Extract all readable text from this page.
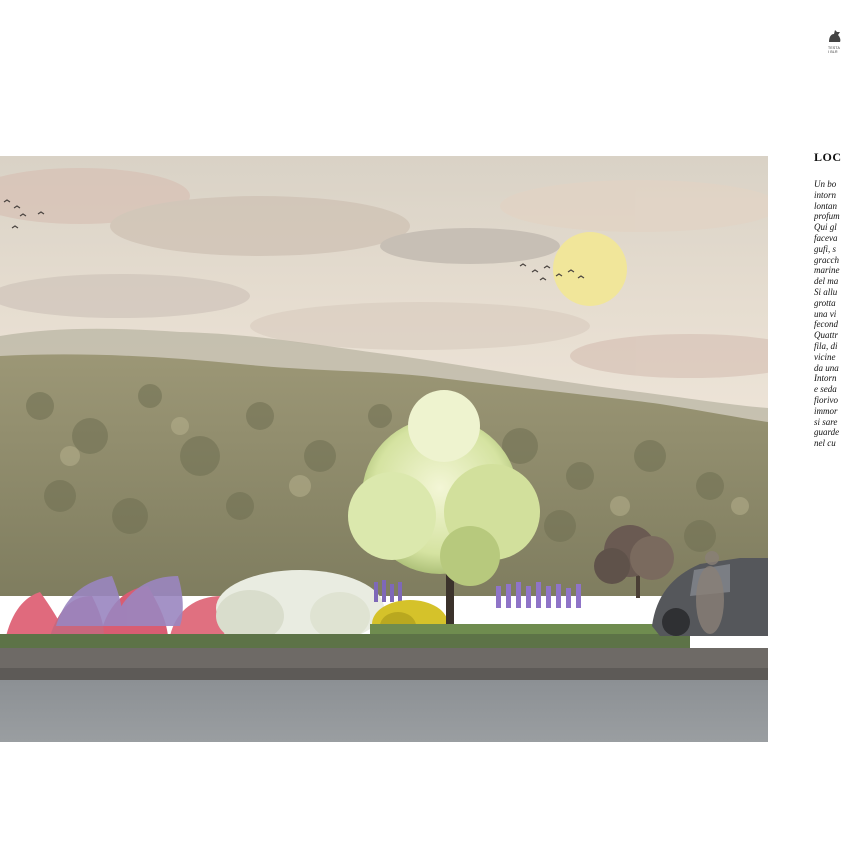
TESTA
I BLR
LOC
Un bo
intorn
lontan
profum
Qui gl
faceva
gufi, s
gracch
marine
del ma
Si allu
grotta
una vi
fecond
Quattr
fila, di
vicine
da una
Intorn
e seda
fiorivo
immor
si sare
guarde
nel cu
